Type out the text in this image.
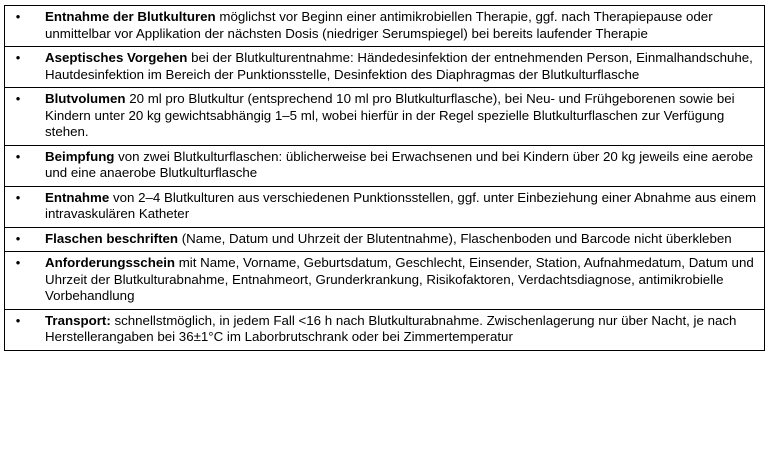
•	Entnahme der Blutkulturen möglichst vor Beginn einer antimikrobiellen Therapie, ggf. nach Therapiepause oder unmittelbar vor Applikation der nächsten Dosis (niedriger Serumspiegel) bei bereits laufender Therapie
•	Aseptisches Vorgehen bei der Blutkulturentnahme: Händedesinfektion der entnehmenden Person, Einmalhandschuhe, Hautdesinfektion im Bereich der Punktionsstelle, Desinfektion des Diaphragmas der Blutkulturflasche
•	Blutvolumen 20 ml pro Blutkultur (entsprechend 10 ml pro Blutkulturflasche), bei Neu- und Frühgeborenen sowie bei Kindern unter 20 kg gewichtsabhängig 1–5 ml, wobei hierfür in der Regel spezielle Blutkulturflaschen zur Verfügung stehen.
•	Beimpfung von zwei Blutkulturflaschen: üblicherweise bei Erwachsenen und bei Kindern über 20 kg jeweils eine aerobe und eine anaerobe Blutkulturflasche
•	Entnahme von 2–4 Blutkulturen aus verschiedenen Punktionsstellen, ggf. unter Einbeziehung einer Abnahme aus einem intravaskulären Katheter
•	Flaschen beschriften (Name, Datum und Uhrzeit der Blutentnahme), Flaschenboden und Barcode nicht überkleben
•	Anforderungsschein mit Name, Vorname, Geburtsdatum, Geschlecht, Einsender, Station, Aufnahmedatum, Datum und Uhrzeit der Blutkulturabnahme, Entnahmeort, Grunderkrankung, Risikofaktoren, Verdachtsdiagnose, antimikrobielle Vorbehandlung
•	Transport: schnellstmöglich, in jedem Fall <16 h nach Blutkulturabnahme. Zwischenlagerung nur über Nacht, je nach Herstellerangaben bei 36±1°C im Laborbrutschrank oder bei Zimmertemperatur
